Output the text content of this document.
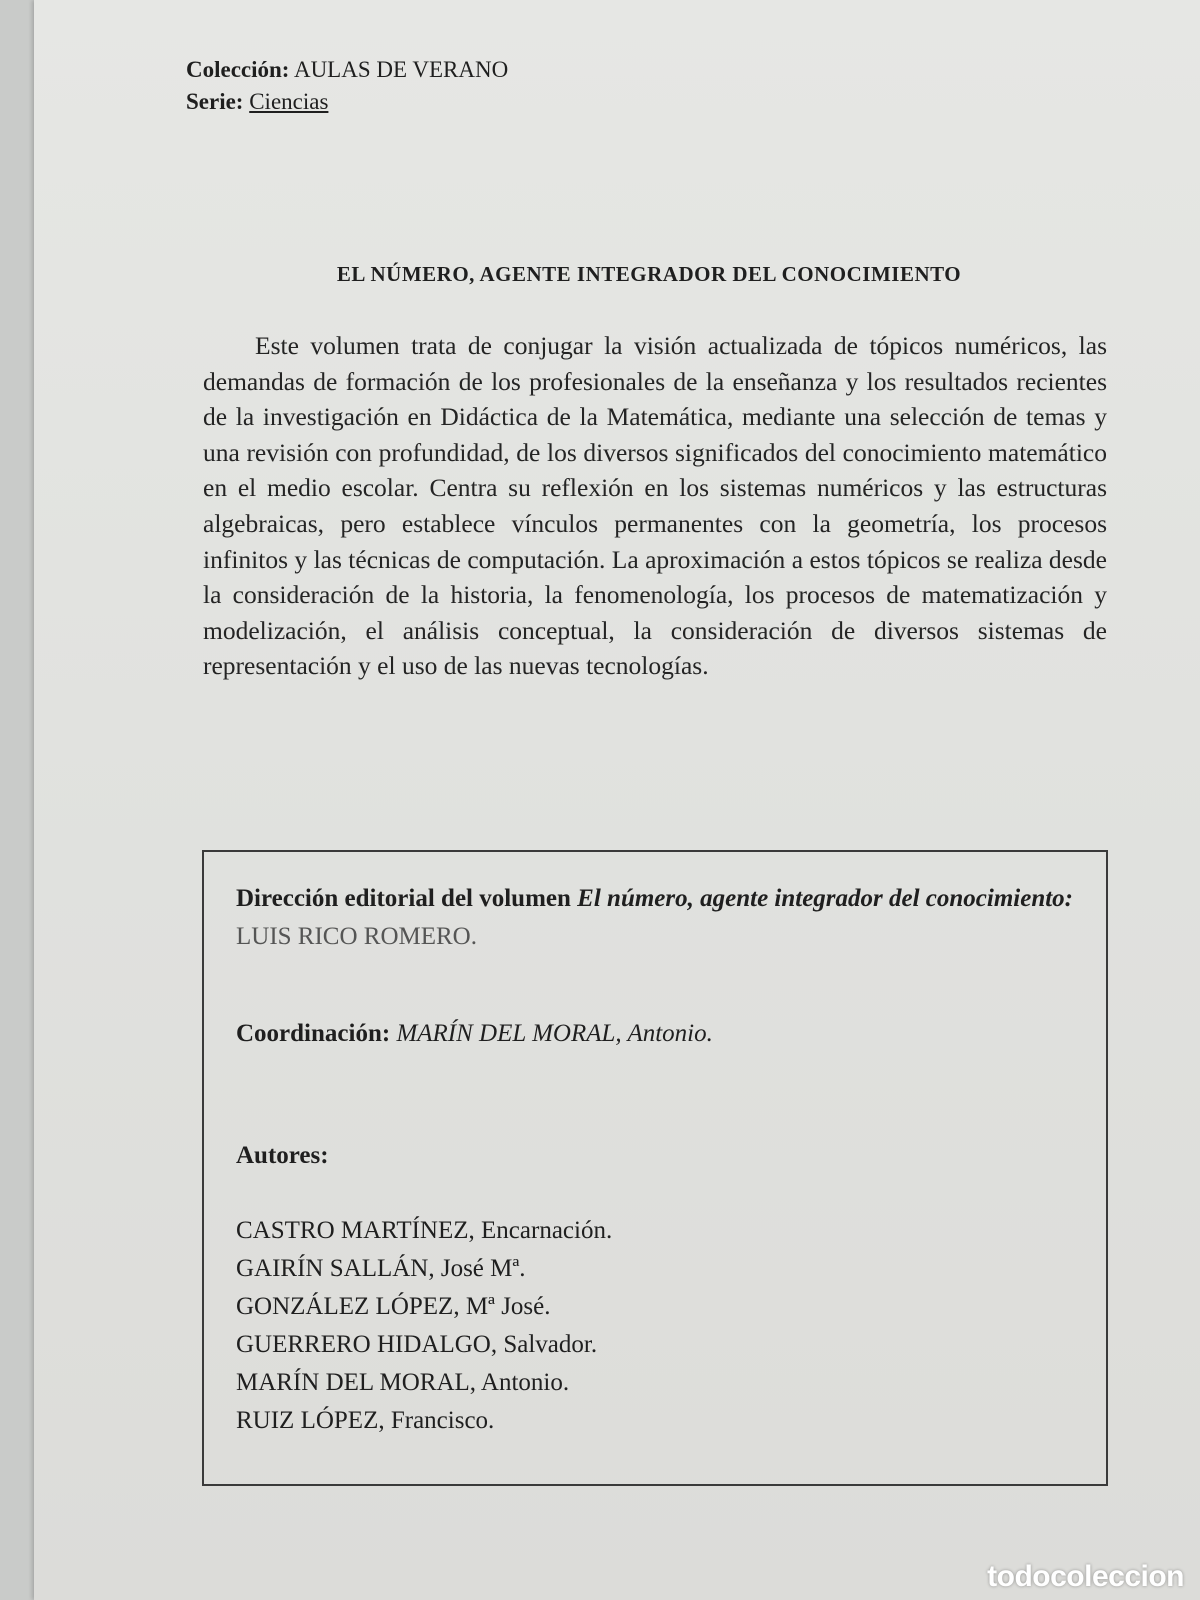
Colección: AULAS DE VERANO
Serie: Ciencias
EL NÚMERO, AGENTE INTEGRADOR DEL CONOCIMIENTO

Este volumen trata de conjugar la visión actualizada de tópicos numéricos, las demandas de formación de los profesionales de la enseñanza y los resultados recientes de la investigación en Didáctica de la Matemática, mediante una selección de temas y una revisión con profundidad, de los diversos significados del conocimiento matemático en el medio escolar. Centra su reflexión en los sistemas numéricos y las estructuras algebraicas, pero establece vínculos permanentes con la geometría, los procesos infinitos y las técnicas de computación. La aproximación a estos tópicos se realiza desde la consideración de la historia, la fenomenología, los procesos de matematización y modelización, el análisis conceptual, la consideración de diversos sistemas de representación y el uso de las nuevas tecnologías.

Dirección editorial del volumen El número, agente integrador del conocimiento: LUIS RICO ROMERO.
Coordinación: MARÍN DEL MORAL, Antonio.
Autores:
CASTRO MARTÍNEZ, Encarnación.
GAIRÍN SALLÁN, José Mª.
GONZÁLEZ LÓPEZ, Mª José.
GUERRERO HIDALGO, Salvador.
MARÍN DEL MORAL, Antonio.
RUIZ LÓPEZ, Francisco.
todocoleccion
